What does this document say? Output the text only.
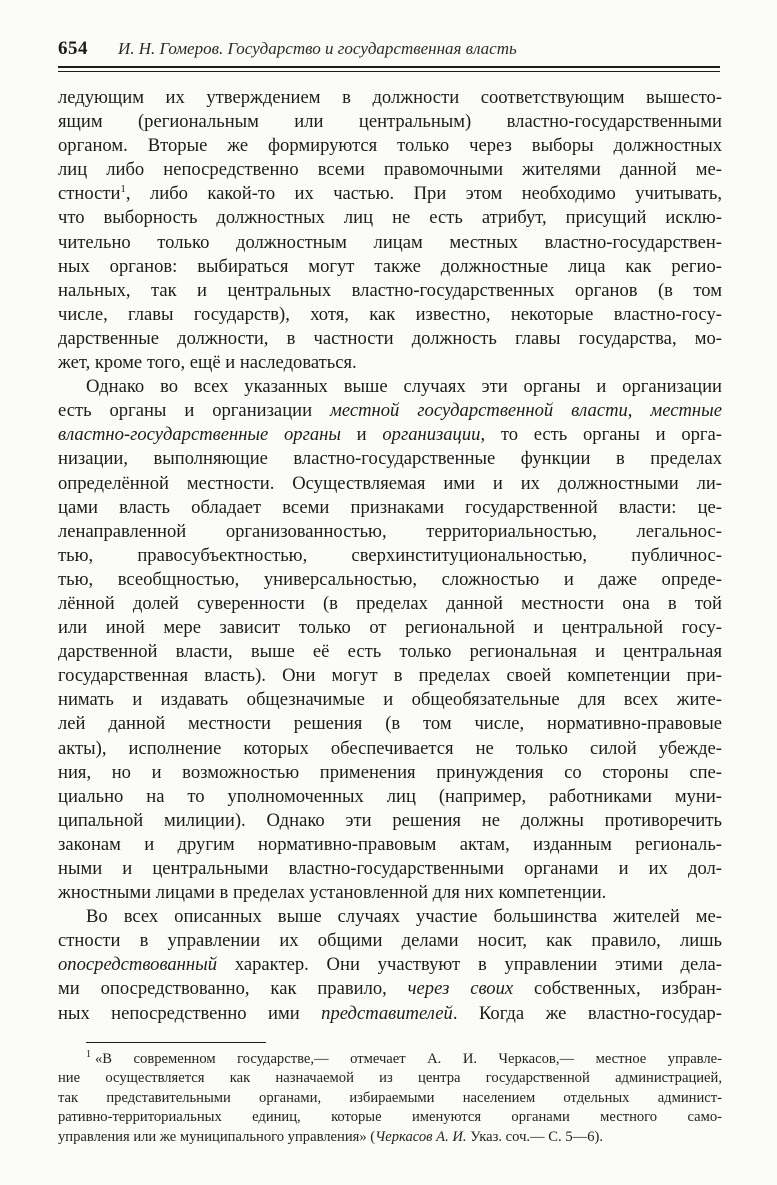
654 И. Н. Гомеров. Государство и государственная власть

ледующим их утверждением в должности соответствующим вышесто-
ящим (региональным или центральным) властно-государственными
органом. Вторые же формируются только через выборы должностных
лиц либо непосредственно всеми правомочными жителями данной ме-
стности$^1$, либо какой-то их частью. При этом необходимо учитывать,
что выборность должностных лиц не есть атрибут, присущий исклю-
чительно только должностным лицам местных властно-государствен-
ных органов: выбираться могут также должностные лица как регио-
нальных, так и центральных властно-государственных органов (в том
числе, главы государств), хотя, как известно, некоторые властно-госу-
дарственные должности, в частности должность главы государства, мо-
жет, кроме того, ещё и наследоваться.

Однако во всех указанных выше случаях эти органы и организации
есть органы и организации местной государственной власти, местные
властно-государственные органы и организации, то есть органы и орга-
низации, выполняющие властно-государственные функции в пределах
определённой местности. Осуществляемая ими и их должностными ли-
цами власть обладает всеми признаками государственной власти: це-
ленаправленной организованностью, территориальностью, легальнос-
тью, правосубъектностью, сверхинституциональностью, публичнос-
тью, всеобщностью, универсальностью, сложностью и даже опреде-
лённой долей суверенности (в пределах данной местности она в той
или иной мере зависит только от региональной и центральной госу-
дарственной власти, выше её есть только региональная и центральная
государственная власть). Они могут в пределах своей компетенции при-
нимать и издавать общезначимые и общеобязательные для всех жите-
лей данной местности решения (в том числе, нормативно-правовые
акты), исполнение которых обеспечивается не только силой убежде-
ния, но и возможностью применения принуждения со стороны спе-
циально на то уполномоченных лиц (например, работниками муни-
ципальной милиции). Однако эти решения не должны противоречить
законам и другим нормативно-правовым актам, изданным региональ-
ными и центральными властно-государственными органами и их дол-
жностными лицами в пределах установленной для них компетенции.

Во всех описанных выше случаях участие большинства жителей ме-
стности в управлении их общими делами носит, как правило, лишь
опосредствованный характер. Они участвуют в управлении этими дела-
ми опосредствованно, как правило, через своих собственных, избран-
ных непосредственно ими представителей. Когда же властно-государ-

$^1$ «В современном государстве,— отмечает А. И. Черкасов,— местное управле-
ние осуществляется как назначаемой из центра государственной администрацией,
так представительными органами, избираемыми населением отдельных админист-
ративно-территориальных единиц, которые именуются органами местного само-
управления или же муниципального управления» (Черкасов А. И. Указ. соч.— С. 5—6).
